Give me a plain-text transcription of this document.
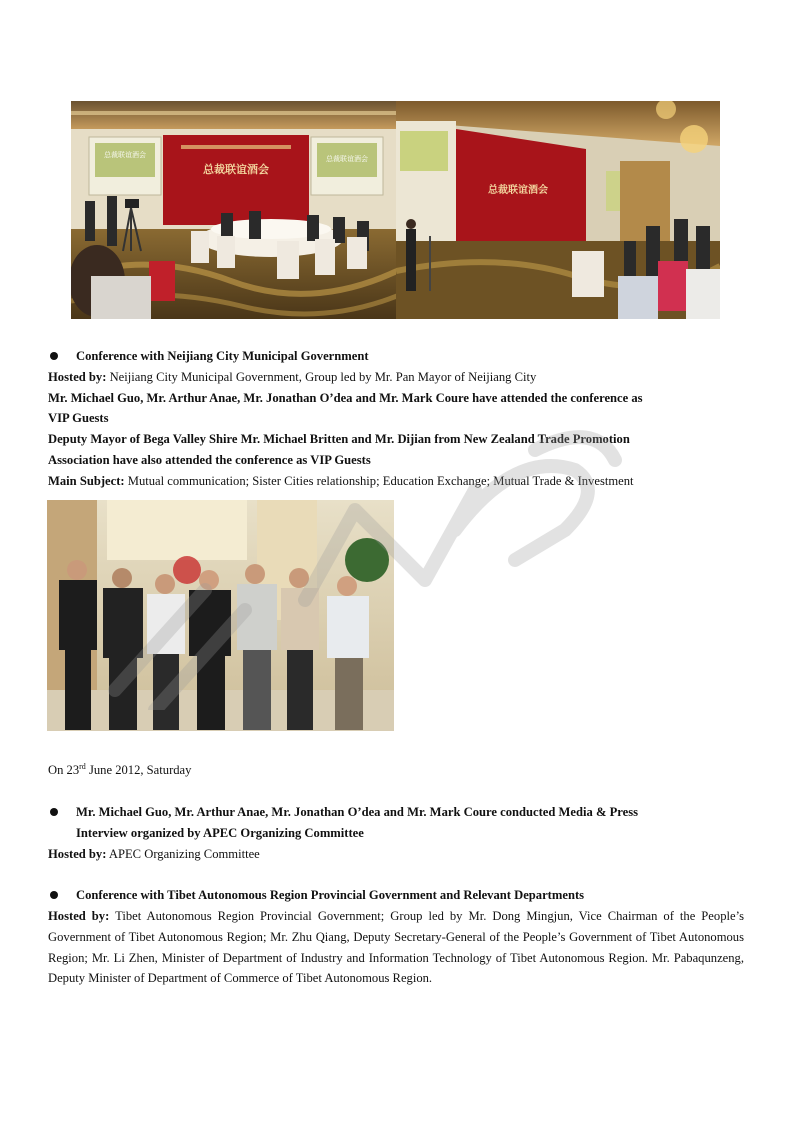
总裁联谊酒会
总裁联谊酒会
总裁联谊酒会
总裁联谊酒会
Conference with Neijiang City Municipal Government
Hosted by: Neijiang City Municipal Government, Group led by Mr. Pan Mayor of Neijiang City
Mr. Michael Guo, Mr. Arthur Anae, Mr. Jonathan O’dea and Mr. Mark Coure have attended the conference as
VIP Guests
Deputy Mayor of Bega Valley Shire Mr. Michael Britten and Mr. Dijian from New Zealand Trade Promotion
Association have also attended the conference as VIP Guests
Main Subject: Mutual communication; Sister Cities relationship; Education Exchange; Mutual Trade & Investment
On 23rd June 2012, Saturday
Mr. Michael Guo, Mr. Arthur Anae, Mr. Jonathan O’dea and Mr. Mark Coure conducted Media & Press
Interview organized by APEC Organizing Committee
Hosted by: APEC Organizing Committee
Conference with Tibet Autonomous Region Provincial Government and Relevant Departments
Hosted by: Tibet Autonomous Region Provincial Government; Group led by Mr. Dong Mingjun, Vice Chairman of the People’s Government of Tibet Autonomous Region; Mr. Zhu Qiang, Deputy Secretary-General of the People’s Government of Tibet Autonomous Region; Mr. Li Zhen, Minister of Department of Industry and Information Technology of Tibet Autonomous Region. Mr. Pabaqunzeng, Deputy Minister of Department of Commerce of Tibet Autonomous Region.
